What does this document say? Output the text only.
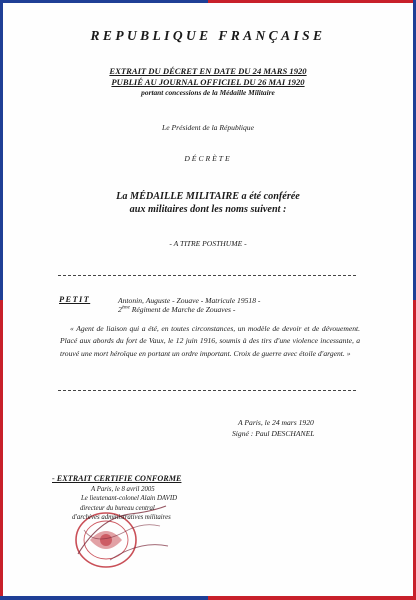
REPUBLIQUE FRANÇAISE
EXTRAIT DU DÉCRET EN DATE DU 24 MARS 1920
PUBLIÉ AU JOURNAL OFFICIEL DU 26 MAI 1920
portant concessions de la Médaille Militaire
Le Président de la République
DÉCRÈTE
La MÉDAILLE MILITAIRE a été conférée
aux militaires dont les noms suivent :
- A TITRE POSTHUME -
PETIT	Antonin, Auguste - Zouave - Matricule 19518 -
2ème Régiment de Marche de Zouaves -
« Agent de liaison qui a été, en toutes circonstances, un modèle de devoir et de dévouement. Placé aux abords du fort de Vaux, le 12 juin 1916, soumis à des tirs d'une violence incessante, a trouvé une mort héroïque en portant un ordre important. Croix de guerre avec étoile d'argent. »
A Paris, le 24 mars 1920
Signé : Paul DESCHANEL
- EXTRAIT CERTIFIE CONFORME
A Paris, le 8 avril 2005
Le lieutenant-colonel Alain DAVID
directeur du bureau central
d'archives administratives militaires
